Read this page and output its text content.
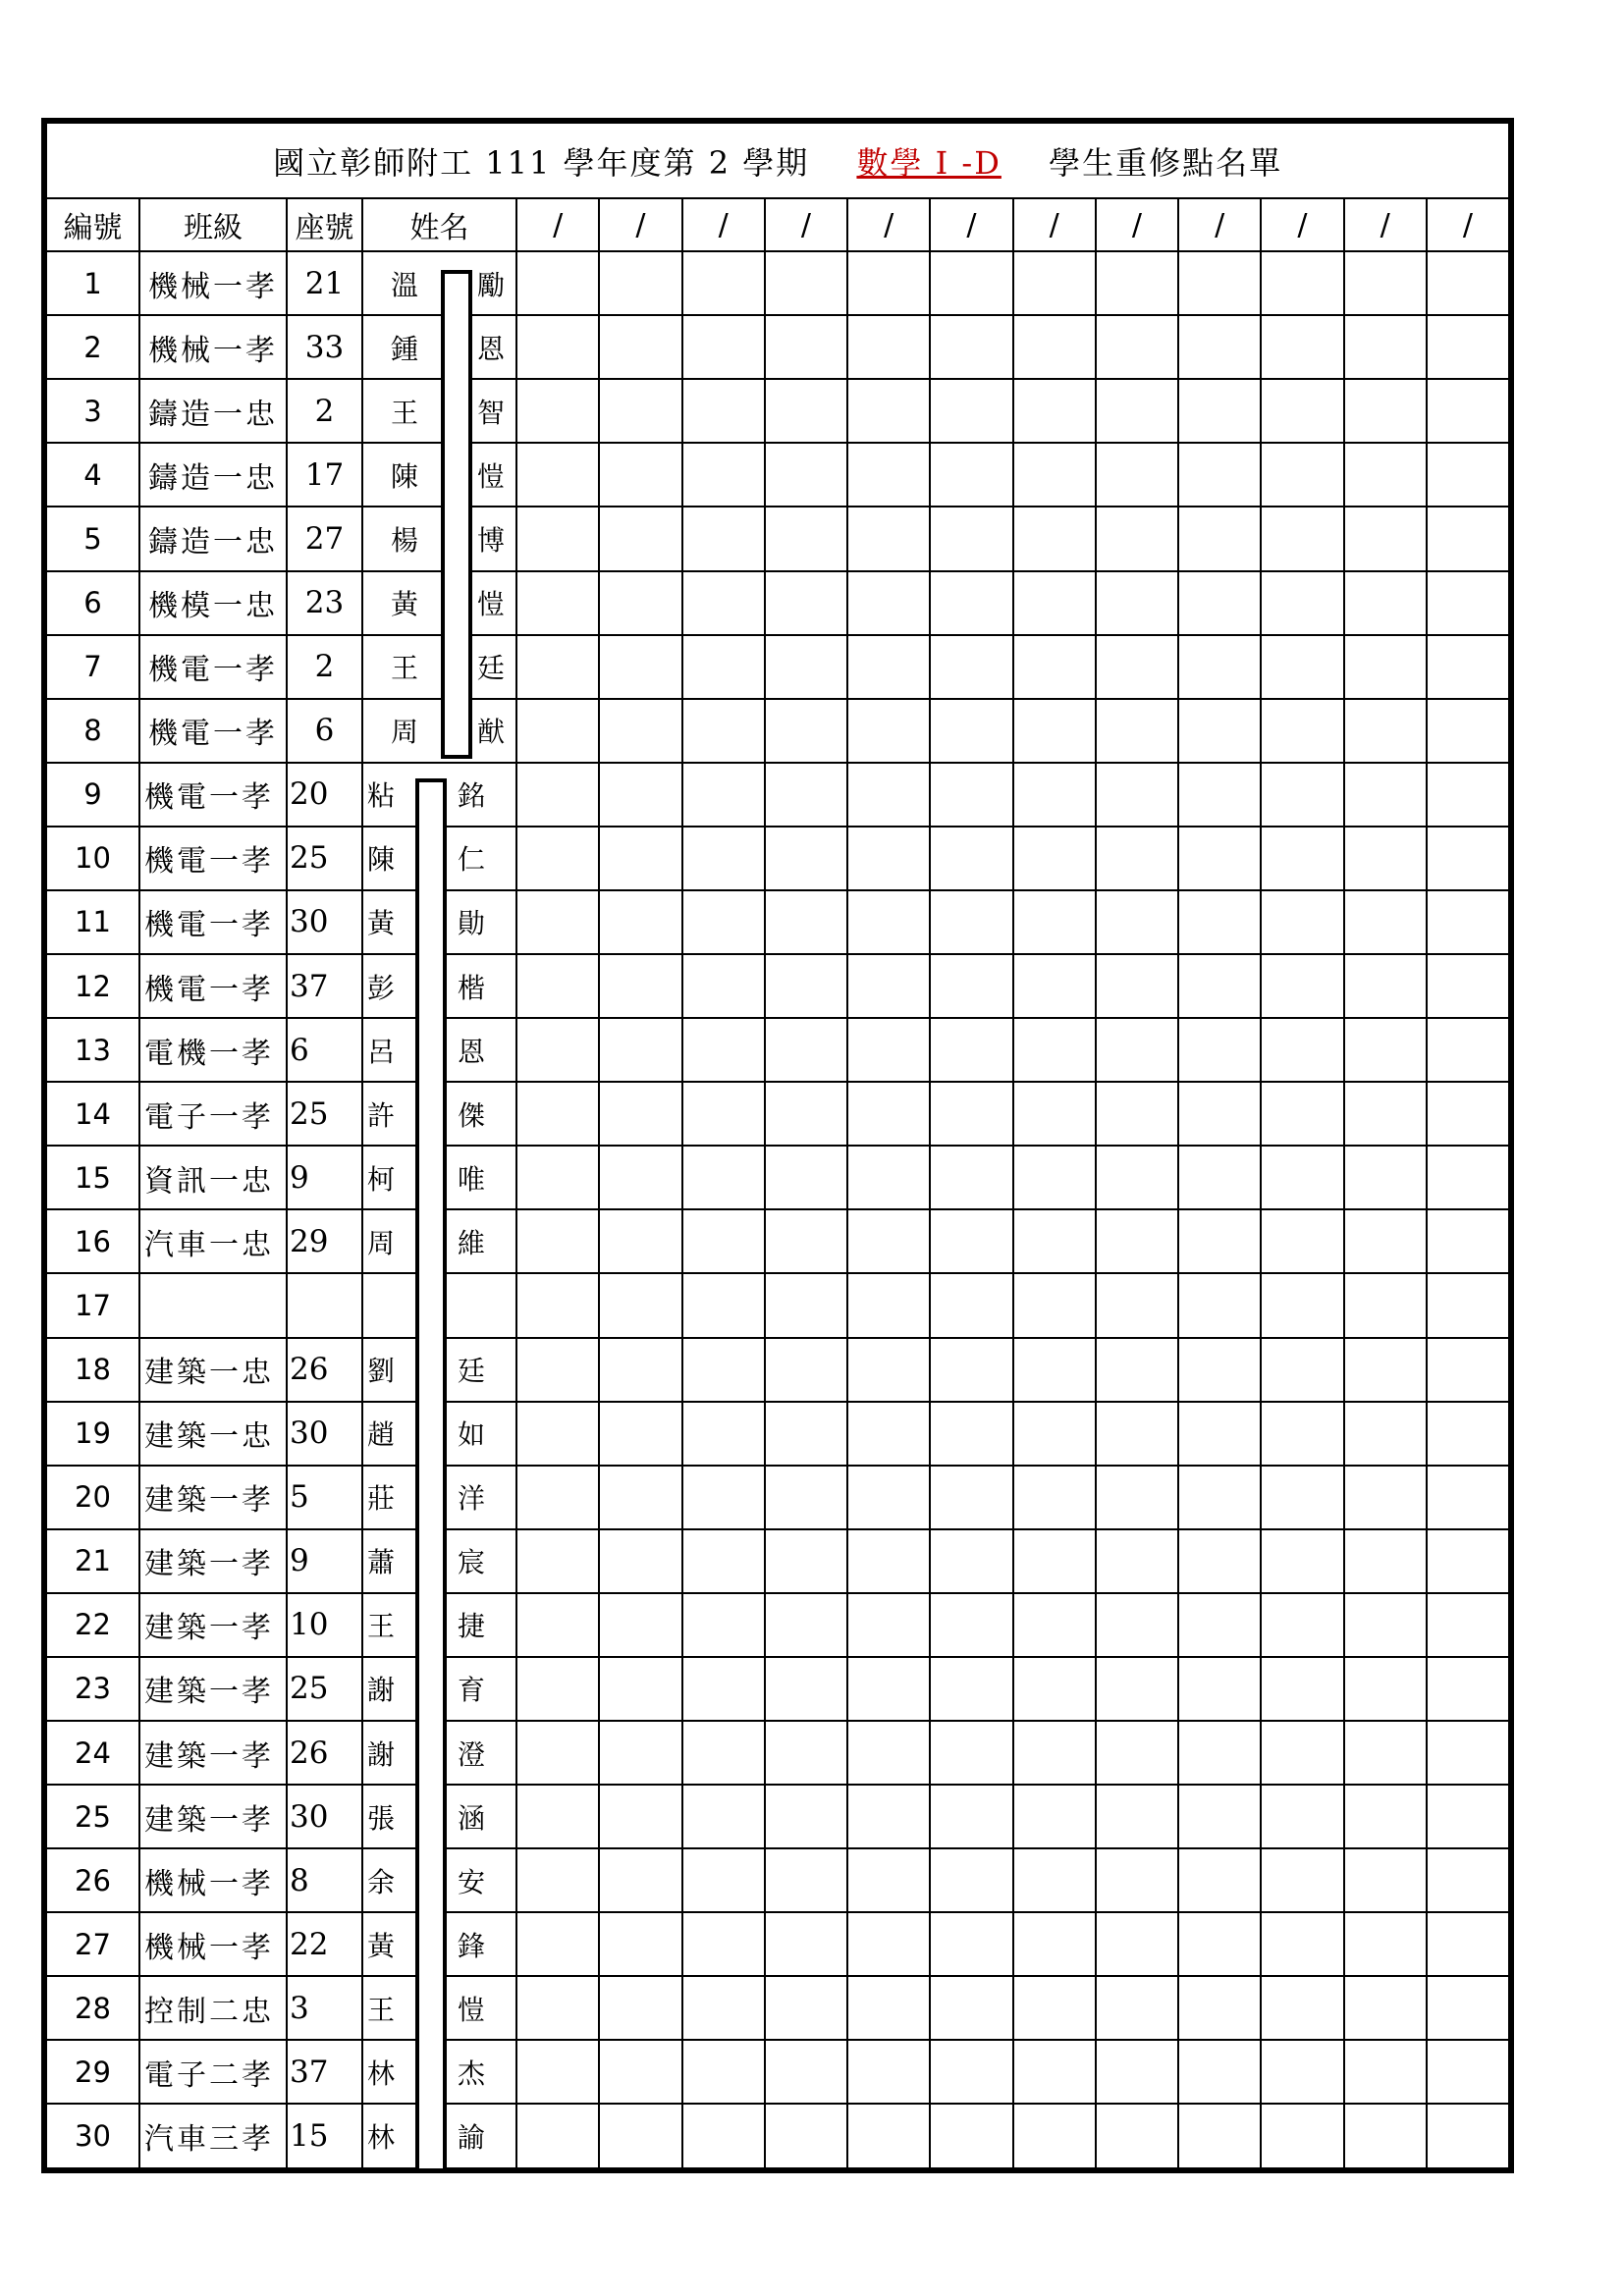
國立彰師附工 111 學年度第 2 學期 數學 I -D 學生重修點名單															
編號	班級	座號	姓名	/	/	/	/	/	/	/	/	/	/	/	/
1	機械一孝	21	溫 勵												

2	機械一孝	33	鍾 恩												

3	鑄造一忠	2	王 智												

4	鑄造一忠	17	陳 愷												

5	鑄造一忠	27	楊 博												

6	機模一忠	23	黃 愷												

7	機電一孝	2	王 廷												

8	機電一孝	6	周 猷												

9	機電一孝	20	粘 銘												

10	機電一孝	25	陳 仁												

11	機電一孝	30	黃 勛												

12	機電一孝	37	彭 楷												

13	電機一孝	6	呂 恩												

14	電子一孝	25	許 傑												

15	資訊一忠	9	柯 唯												

16	汽車一忠	29	周 維												

17			

18	建築一忠	26	劉 廷												

19	建築一忠	30	趙 如												

20	建築一孝	5	莊 洋												

21	建築一孝	9	蕭 宸												

22	建築一孝	10	王 捷												

23	建築一孝	25	謝 育												

24	建築一孝	26	謝 澄												

25	建築一孝	30	張 涵												

26	機械一孝	8	余 安												

27	機械一孝	22	黃 鋒												

28	控制二忠	3	王 愷												

29	電子二孝	37	林 杰												

30	汽車三孝	15	林 諭												
